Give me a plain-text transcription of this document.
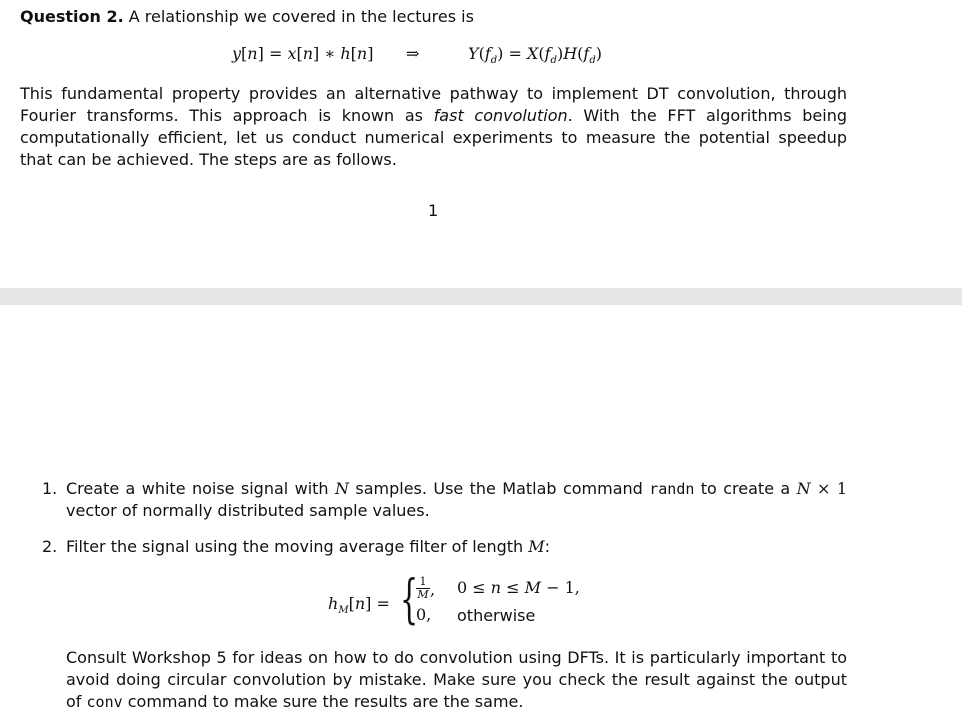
Question 2. A relationship we covered in the lectures is
y[n] = x[n] ∗ h[n] ⇒	$Y(f_d) = X(f_d)H(f_d)$
This fundamental property provides an alternative pathway to implement DT convolution, through Fourier transforms. This approach is known as fast convolution. With the FFT algorithms being computationally efficient, let us conduct numerical experiments to measure the potential speedup that can be achieved. The steps are as follows.
1
1. Create a white noise signal with N samples. Use the Matlab command randn to create a N × 1 vector of normally distributed sample values.
2. Filter the signal using the moving average filter of length M:
$h_M[n]$ = {
$\frac{1}{M}$ ,
0,
0 ≤ n ≤ M − 1,
otherwise
Consult Workshop 5 for ideas on how to do convolution using DFTs. It is particularly important to avoid doing circular convolution by mistake. Make sure you check the result against the output of conv command to make sure the results are the same.
